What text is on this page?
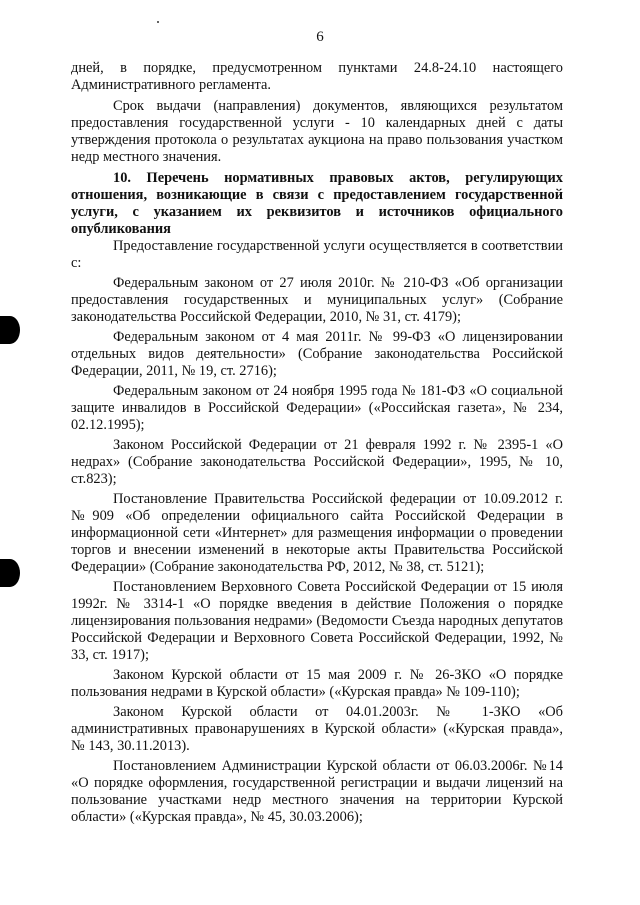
6

дней, в порядке, предусмотренном пунктами 24.8-24.10 настоящего Административного регламента.

Срок выдачи (направления) документов, являющихся результатом предоставления государственной услуги - 10 календарных дней с даты утверждения протокола о результатах аукциона на право пользования участком недр местного значения.

10. Перечень нормативных правовых актов, регулирующих отношения, возникающие в связи с предоставлением государственной услуги, с указанием их реквизитов и источников официального опубликования

Предоставление государственной услуги осуществляется в соответствии с:

Федеральным законом от 27 июля 2010г. № 210-ФЗ «Об организации предоставления государственных и муниципальных услуг» (Собрание законодательства Российской Федерации, 2010, № 31, ст. 4179);

Федеральным законом от 4 мая 2011г. № 99-ФЗ «О лицензировании отдельных видов деятельности» (Собрание законодательства Российской Федерации, 2011, № 19, ст. 2716);

Федеральным законом от 24 ноября 1995 года № 181-ФЗ «О социальной защите инвалидов в Российской Федерации» («Российская газета», № 234, 02.12.1995);

Законом Российской Федерации от 21 февраля 1992 г. № 2395-1 «О недрах» (Собрание законодательства Российской Федерации», 1995, № 10, ст.823);

Постановление Правительства Российской федерации от 10.09.2012 г. №909 «Об определении официального сайта Российской Федерации в информационной сети «Интернет» для размещения информации о проведении торгов и внесении изменений в некоторые акты Правительства Российской Федерации» (Собрание законодательства РФ, 2012, № 38, ст. 5121);

Постановлением Верховного Совета Российской Федерации от 15 июля 1992г. № 3314-1 «О порядке введения в действие Положения о порядке лицензирования пользования недрами» (Ведомости Съезда народных депутатов Российской Федерации и Верховного Совета Российской Федерации, 1992, № 33, ст. 1917);

Законом Курской области от 15 мая 2009 г. № 26-ЗКО «О порядке пользования недрами в Курской области» («Курская правда» № 109-110);

Законом Курской области от 04.01.2003г. № 1-ЗКО «Об административных правонарушениях в Курской области» («Курская правда», № 143, 30.11.2013).

Постановлением Администрации Курской области от 06.03.2006г. №14 «О порядке оформления, государственной регистрации и выдачи лицензий на пользование участками недр местного значения на территории Курской области» («Курская правда», № 45, 30.03.2006);
